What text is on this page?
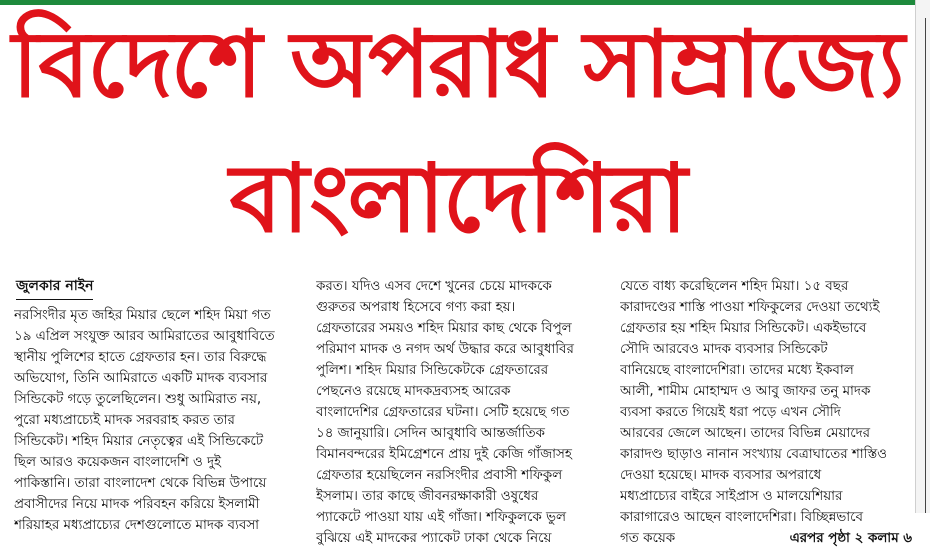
বিদেশে অপরাধ সাম্রাজ্যে
বাংলাদেশিরা
জুলকার নাইন
নরসিংদীর মৃত জহির মিয়ার ছেলে শহিদ মিয়া গত
১৯ এপ্রিল সংযুক্ত আরব আমিরাতের আবুধাবিতে
স্থানীয় পুলিশের হাতে গ্রেফতার হন। তার বিরুদ্ধে
অভিযোগ, তিনি আমিরাতে একটি মাদক ব্যবসার
সিন্ডিকেট গড়ে তুলেছিলেন। শুধু আমিরাত নয়,
পুরো মধ্যপ্রাচ্যেই মাদক সরবরাহ করত তার
সিন্ডিকেট। শহিদ মিয়ার নেতৃত্বের এই সিন্ডিকেটে
ছিল আরও কয়েকজন বাংলাদেশি ও দুই
পাকিস্তানি। তারা বাংলাদেশ থেকে বিভিন্ন উপায়ে
প্রবাসীদের নিয়ে মাদক পরিবহন করিয়ে ইসলামী
শরিয়াহর মধ্যপ্রাচ্যের দেশগুলোতে মাদক ব্যবসা
করত। যদিও এসব দেশে খুনের চেয়ে মাদককে
গুরুতর অপরাধ হিসেবে গণ্য করা হয়।
গ্রেফতারের সময়ও শহিদ মিয়ার কাছ থেকে বিপুল
পরিমাণ মাদক ও নগদ অর্থ উদ্ধার করে আবুধাবির
পুলিশ। শহিদ মিয়ার সিন্ডিকেটকে গ্রেফতারের
পেছনেও রয়েছে মাদকদ্রব্যসহ আরেক
বাংলাদেশির গ্রেফতারের ঘটনা। সেটি হয়েছে গত
১৪ জানুয়ারি। সেদিন আবুধাবি আন্তর্জাতিক
বিমানবন্দরের ইমিগ্রেশনে প্রায় দুই কেজি গাঁজাসহ
গ্রেফতার হয়েছিলেন নরসিংদীর প্রবাসী শফিকুল
ইসলাম। তার কাছে জীবনরক্ষাকারী ওষুধের
প্যাকেটে পাওয়া যায় এই গাঁজা। শফিকুলকে ভুল
বুঝিয়ে এই মাদকের প্যাকেট ঢাকা থেকে নিয়ে
যেতে বাধ্য করেছিলেন শহিদ মিয়া। ১৫ বছর
কারাদণ্ডের শাস্তি পাওয়া শফিকুলের দেওয়া তথ্যেই
গ্রেফতার হয় শহিদ মিয়ার সিন্ডিকেট। একইভাবে
সৌদি আরবেও মাদক ব্যবসার সিন্ডিকেট
বানিয়েছে বাংলাদেশিরা। তাদের মধ্যে ইকবাল
আলী, শামীম মোহাম্মদ ও আবু জাফর তনু মাদক
ব্যবসা করতে গিয়েই ধরা পড়ে এখন সৌদি
আরবের জেলে আছেন। তাদের বিভিন্ন মেয়াদের
কারাদণ্ড ছাড়াও নানান সংখ্যায় বেত্রাঘাতের শাস্তিও
দেওয়া হয়েছে। মাদক ব্যবসার অপরাধে
মধ্যপ্রাচ্যের বাইরে সাইপ্রাস ও মালয়েশিয়ার
কারাগারেও আছেন বাংলাদেশিরা। বিচ্ছিন্নভাবে
গত কয়েক	এরপর পৃষ্ঠা ২ কলাম ৬
